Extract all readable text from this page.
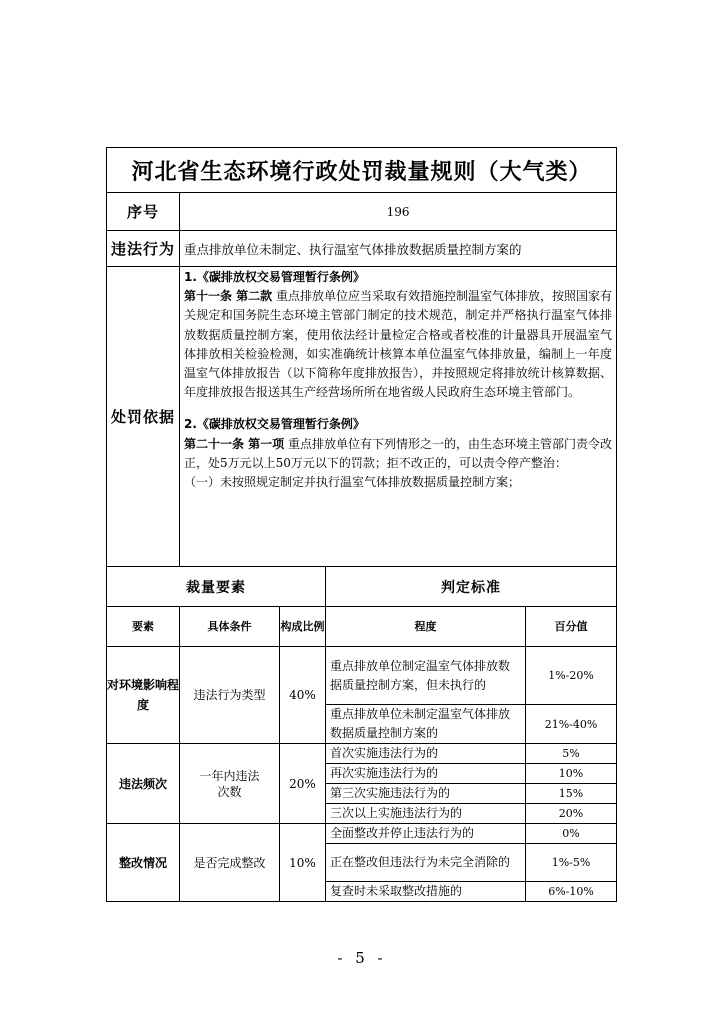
河北省生态环境行政处罚裁量规则（大气类）				
序号	196			
违法行为	重点排放单位未制定、执行温室气体排放数据质量控制方案的			
处罚依据	1.《碳排放权交易管理暂行条例》
第十一条 第二款 重点排放单位应当采取有效措施控制温室气体排放，按照国家有关规定和国务院生态环境主管部门制定的技术规范，制定并严格执行温室气体排放数据质量控制方案，使用依法经计量检定合格或者校准的计量器具开展温室气体排放相关检验检测，如实准确统计核算本单位温室气体排放量，编制上一年度温室气体排放报告（以下简称年度排放报告），并按照规定将排放统计核算数据、年度排放报告报送其生产经营场所所在地省级人民政府生态环境主管部门。
2.《碳排放权交易管理暂行条例》
第二十一条 第一项 重点排放单位有下列情形之一的，由生态环境主管部门责令改正，处5万元以上50万元以下的罚款；拒不改正的，可以责令停产整治：
（一）未按照规定制定并执行温室气体排放数据质量控制方案；			

裁量要素			判定标准	
要素	具体条件	构成比例	程度	百分值
对环境影响程度	违法行为类型	40%	重点排放单位制定温室气体排放数据质量控制方案，但未执行的	1%-20%
			重点排放单位未制定温室气体排放数据质量控制方案的	21%-40%
违法频次	一年内违法次数	20%	首次实施违法行为的	5%
			再次实施违法行为的	10%
			第三次实施违法行为的	15%
			三次以上实施违法行为的	20%
整改情况	是否完成整改	10%	全面整改并停止违法行为的	0%
			正在整改但违法行为未完全消除的	1%-5%
			复查时未采取整改措施的	6%-10%
- 5 -
